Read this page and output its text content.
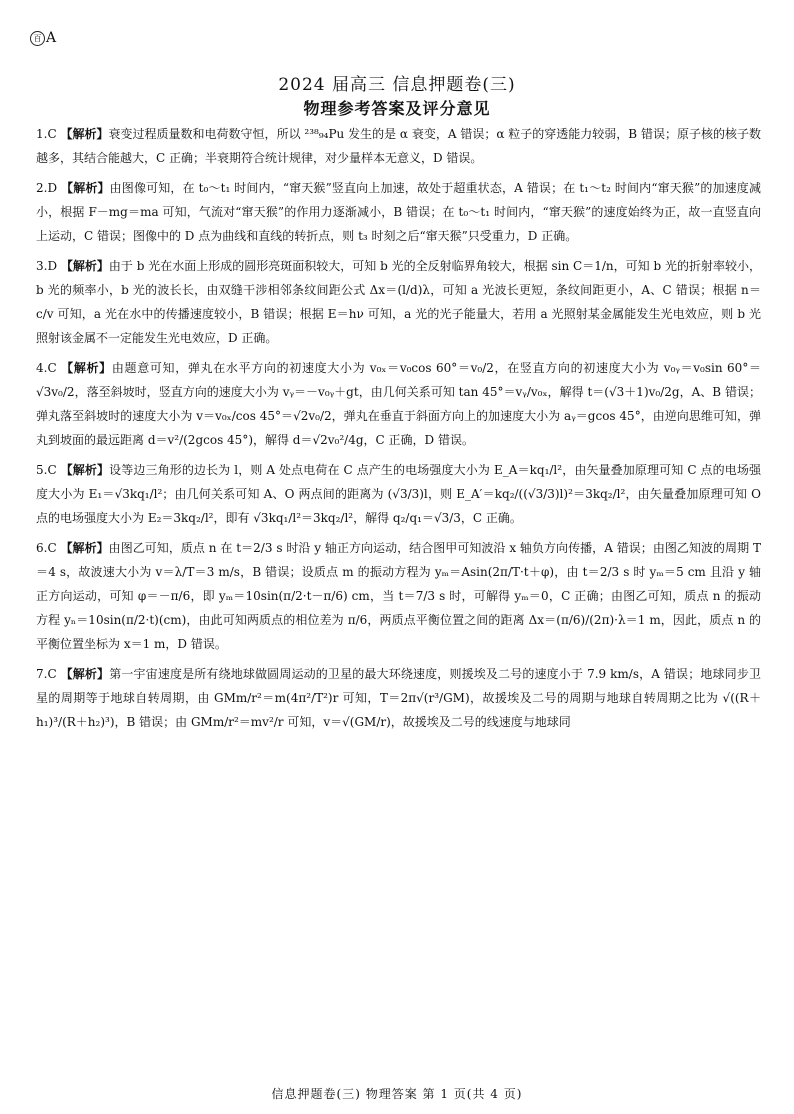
百 A
2024 届高三 信息押题卷(三)
物理参考答案及评分意见
1.C 【解析】衰变过程质量数和电荷数守恒，所以 ²³⁸₉₄Pu 发生的是 α 衰变，A 错误；α 粒子的穿透能力较弱，B 错误；原子核的核子数越多，其结合能越大，C 正确；半衰期符合统计规律，对少量样本无意义，D 错误。
2.D 【解析】由图像可知，在 t₀～t₁ 时间内，“窜天猴”竖直向上加速，故处于超重状态，A 错误；在 t₁～t₂ 时间内“窜天猴”的加速度减小，根据 F－mg＝ma 可知，气流对“窜天猴”的作用力逐渐减小，B 错误；在 t₀～t₁ 时间内，“窜天猴”的速度始终为正，故一直竖直向上运动，C 错误；图像中的 D 点为曲线和直线的转折点，则 t₃ 时刻之后“窜天猴”只受重力，D 正确。
3.D 【解析】由于 b 光在水面上形成的圆形亮斑面积较大，可知 b 光的全反射临界角较大，根据 sin C＝1/n，可知 b 光的折射率较小，b 光的频率小，b 光的波长长，由双缝干涉相邻条纹间距公式 Δx＝(l/d)λ，可知 a 光波长更短，条纹间距更小，A、C 错误；根据 n＝c/v 可知，a 光在水中的传播速度较小，B 错误；根据 E＝hν 可知，a 光的光子能量大，若用 a 光照射某金属能发生光电效应，则 b 光照射该金属不一定能发生光电效应，D 正确。
4.C 【解析】由题意可知，弹丸在水平方向的初速度大小为 v₀ₓ＝v₀cos 60°＝v₀/2，在竖直方向的初速度大小为 v₀ᵧ＝v₀sin 60°＝√3v₀/2，落至斜坡时，竖直方向的速度大小为 vᵧ＝－v₀ᵧ＋gt，由几何关系可知 tan 45°＝vᵧ/v₀ₓ，解得 t＝(√3＋1)v₀/2g，A、B 错误；弹丸落至斜坡时的速度大小为 v＝v₀ₓ/cos 45°＝√2v₀/2，弹丸在垂直于斜面方向上的加速度大小为 aᵧ＝gcos 45°，由逆向思维可知，弹丸到坡面的最远距离 d＝v²/(2gcos 45°)，解得 d＝√2v₀²/4g，C 正确，D 错误。
5.C 【解析】设等边三角形的边长为 l，则 A 处点电荷在 C 点产生的电场强度大小为 E_A＝kq₁/l²，由矢量叠加原理可知 C 点的电场强度大小为 E₁＝√3kq₁/l²；由几何关系可知 A、O 两点间的距离为 (√3/3)l，则 E_A′＝kq₂/((√3/3)l)²＝3kq₂/l²，由矢量叠加原理可知 O 点的电场强度大小为 E₂＝3kq₂/l²，即有 √3kq₁/l²＝3kq₂/l²，解得 q₂/q₁＝√3/3，C 正确。
6.C 【解析】由图乙可知，质点 n 在 t＝2/3 s 时沿 y 轴正方向运动，结合图甲可知波沿 x 轴负方向传播，A 错误；由图乙知波的周期 T＝4 s，故波速大小为 v＝λ/T＝3 m/s，B 错误；设质点 m 的振动方程为 yₘ＝Asin(2π/T·t＋φ)，由 t＝2/3 s 时 yₘ＝5 cm 且沿 y 轴正方向运动，可知 φ＝－π/6，即 yₘ＝10sin(π/2·t－π/6) cm，当 t＝7/3 s 时，可解得 yₘ＝0，C 正确；由图乙可知，质点 n 的振动方程 yₙ＝10sin(π/2·t)(cm)，由此可知两质点的相位差为 π/6，两质点平衡位置之间的距离 Δx＝(π/6)/(2π)·λ＝1 m，因此，质点 n 的平衡位置坐标为 x＝1 m，D 错误。
7.C 【解析】第一宇宙速度是所有绕地球做圆周运动的卫星的最大环绕速度，则援埃及二号的速度小于 7.9 km/s，A 错误；地球同步卫星的周期等于地球自转周期，由 GMm/r²＝m(4π²/T²)r 可知，T＝2π√(r³/GM)，故援埃及二号的周期与地球自转周期之比为 √((R＋h₁)³/(R＋h₂)³)，B 错误；由 GMm/r²＝mv²/r 可知，v＝√(GM/r)，故援埃及二号的线速度与地球同
信息押题卷(三) 物理答案 第 1 页(共 4 页)
